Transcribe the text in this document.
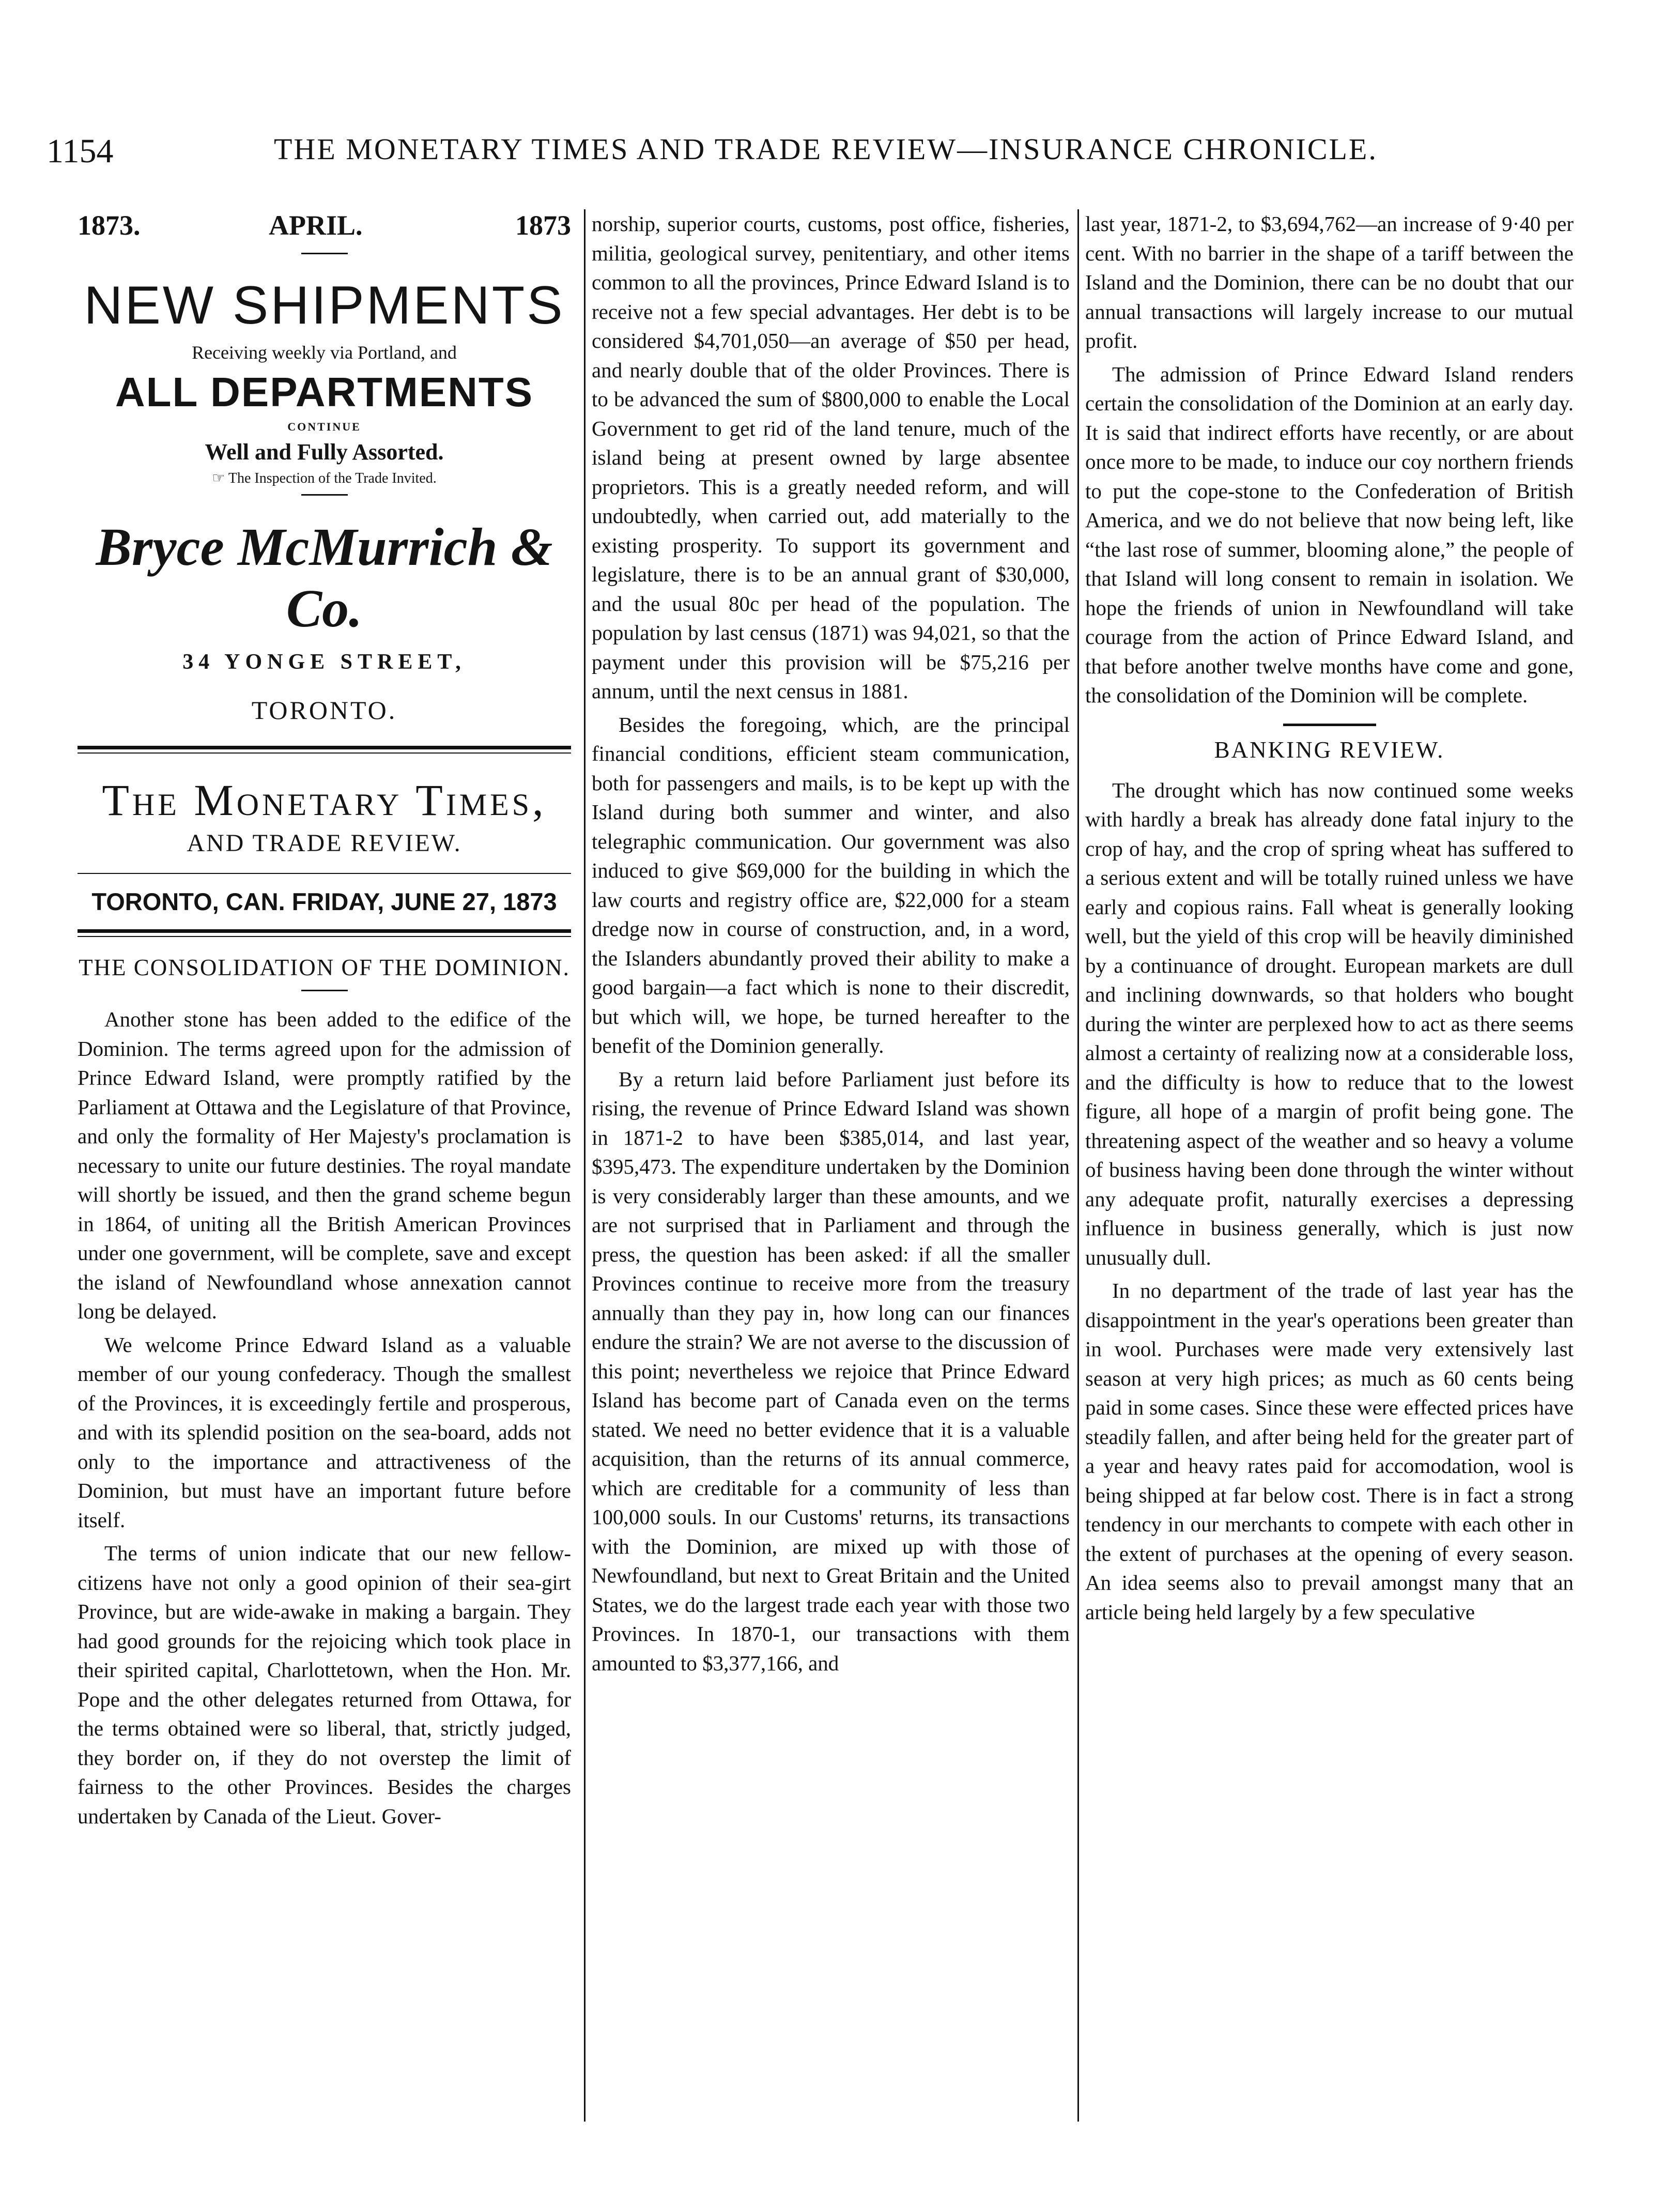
1154	THE MONETARY TIMES AND TRADE REVIEW—INSURANCE CHRONICLE.
1873.	APRIL.	1873
NEW SHIPMENTS
Receiving weekly via Portland, and
ALL DEPARTMENTS
CONTINUE
Well and Fully Assorted.
☞ The Inspection of the Trade Invited.
Bryce McMurrich & Co.
34 YONGE STREET,
TORONTO.
The Monetary Times,
AND TRADE REVIEW.
TORONTO, CAN. FRIDAY, JUNE 27, 1873
THE CONSOLIDATION OF THE DOMINION.

Another stone has been added to the edifice of the Dominion. The terms agreed upon for the admission of Prince Edward Island, were promptly ratified by the Parliament at Ottawa and the Legislature of that Province, and only the formality of Her Majesty's proclamation is necessary to unite our future destinies. The royal mandate will shortly be issued, and then the grand scheme begun in 1864, of uniting all the British American Provinces under one government, will be complete, save and except the island of Newfoundland whose annexation cannot long be delayed.

We welcome Prince Edward Island as a valuable member of our young confederacy. Though the smallest of the Provinces, it is exceedingly fertile and prosperous, and with its splendid position on the sea-board, adds not only to the importance and attractiveness of the Dominion, but must have an important future before itself.

The terms of union indicate that our new fellow-citizens have not only a good opinion of their sea-girt Province, but are wide-awake in making a bargain. They had good grounds for the rejoicing which took place in their spirited capital, Charlottetown, when the Hon. Mr. Pope and the other delegates returned from Ottawa, for the terms obtained were so liberal, that, strictly judged, they border on, if they do not overstep the limit of fairness to the other Provinces. Besides the charges undertaken by Canada of the Lieut. Gover-

norship, superior courts, customs, post office, fisheries, militia, geological survey, penitentiary, and other items common to all the provinces, Prince Edward Island is to receive not a few special advantages. Her debt is to be considered $4,701,050—an average of $50 per head, and nearly double that of the older Provinces. There is to be advanced the sum of $800,000 to enable the Local Government to get rid of the land tenure, much of the island being at present owned by large absentee proprietors. This is a greatly needed reform, and will undoubtedly, when carried out, add materially to the existing prosperity. To support its government and legislature, there is to be an annual grant of $30,000, and the usual 80c per head of the population. The population by last census (1871) was 94,021, so that the payment under this provision will be $75,216 per annum, until the next census in 1881.

Besides the foregoing, which, are the principal financial conditions, efficient steam communication, both for passengers and mails, is to be kept up with the Island during both summer and winter, and also telegraphic communication. Our government was also induced to give $69,000 for the building in which the law courts and registry office are, $22,000 for a steam dredge now in course of construction, and, in a word, the Islanders abundantly proved their ability to make a good bargain—a fact which is none to their discredit, but which will, we hope, be turned hereafter to the benefit of the Dominion generally.

By a return laid before Parliament just before its rising, the revenue of Prince Edward Island was shown in 1871-2 to have been $385,014, and last year, $395,473. The expenditure undertaken by the Dominion is very considerably larger than these amounts, and we are not surprised that in Parliament and through the press, the question has been asked: if all the smaller Provinces continue to receive more from the treasury annually than they pay in, how long can our finances endure the strain? We are not averse to the discussion of this point; nevertheless we rejoice that Prince Edward Island has become part of Canada even on the terms stated. We need no better evidence that it is a valuable acquisition, than the returns of its annual commerce, which are creditable for a community of less than 100,000 souls. In our Customs' returns, its transactions with the Dominion, are mixed up with those of Newfoundland, but next to Great Britain and the United States, we do the largest trade each year with those two Provinces. In 1870-1, our transactions with them amounted to $3,377,166, and

last year, 1871-2, to $3,694,762—an increase of 9·40 per cent. With no barrier in the shape of a tariff between the Island and the Dominion, there can be no doubt that our annual transactions will largely increase to our mutual profit.

The admission of Prince Edward Island renders certain the consolidation of the Dominion at an early day. It is said that indirect efforts have recently, or are about once more to be made, to induce our coy northern friends to put the cope-stone to the Confederation of British America, and we do not believe that now being left, like “the last rose of summer, blooming alone,” the people of that Island will long consent to remain in isolation. We hope the friends of union in Newfoundland will take courage from the action of Prince Edward Island, and that before another twelve months have come and gone, the consolidation of the Dominion will be complete.

BANKING REVIEW.

The drought which has now continued some weeks with hardly a break has already done fatal injury to the crop of hay, and the crop of spring wheat has suffered to a serious extent and will be totally ruined unless we have early and copious rains. Fall wheat is generally looking well, but the yield of this crop will be heavily diminished by a continuance of drought. European markets are dull and inclining downwards, so that holders who bought during the winter are perplexed how to act as there seems almost a certainty of realizing now at a considerable loss, and the difficulty is how to reduce that to the lowest figure, all hope of a margin of profit being gone. The threatening aspect of the weather and so heavy a volume of business having been done through the winter without any adequate profit, naturally exercises a depressing influence in business generally, which is just now unusually dull.

In no department of the trade of last year has the disappointment in the year's operations been greater than in wool. Purchases were made very extensively last season at very high prices; as much as 60 cents being paid in some cases. Since these were effected prices have steadily fallen, and after being held for the greater part of a year and heavy rates paid for accomodation, wool is being shipped at far below cost. There is in fact a strong tendency in our merchants to compete with each other in the extent of purchases at the opening of every season. An idea seems also to prevail amongst many that an article being held largely by a few speculative
